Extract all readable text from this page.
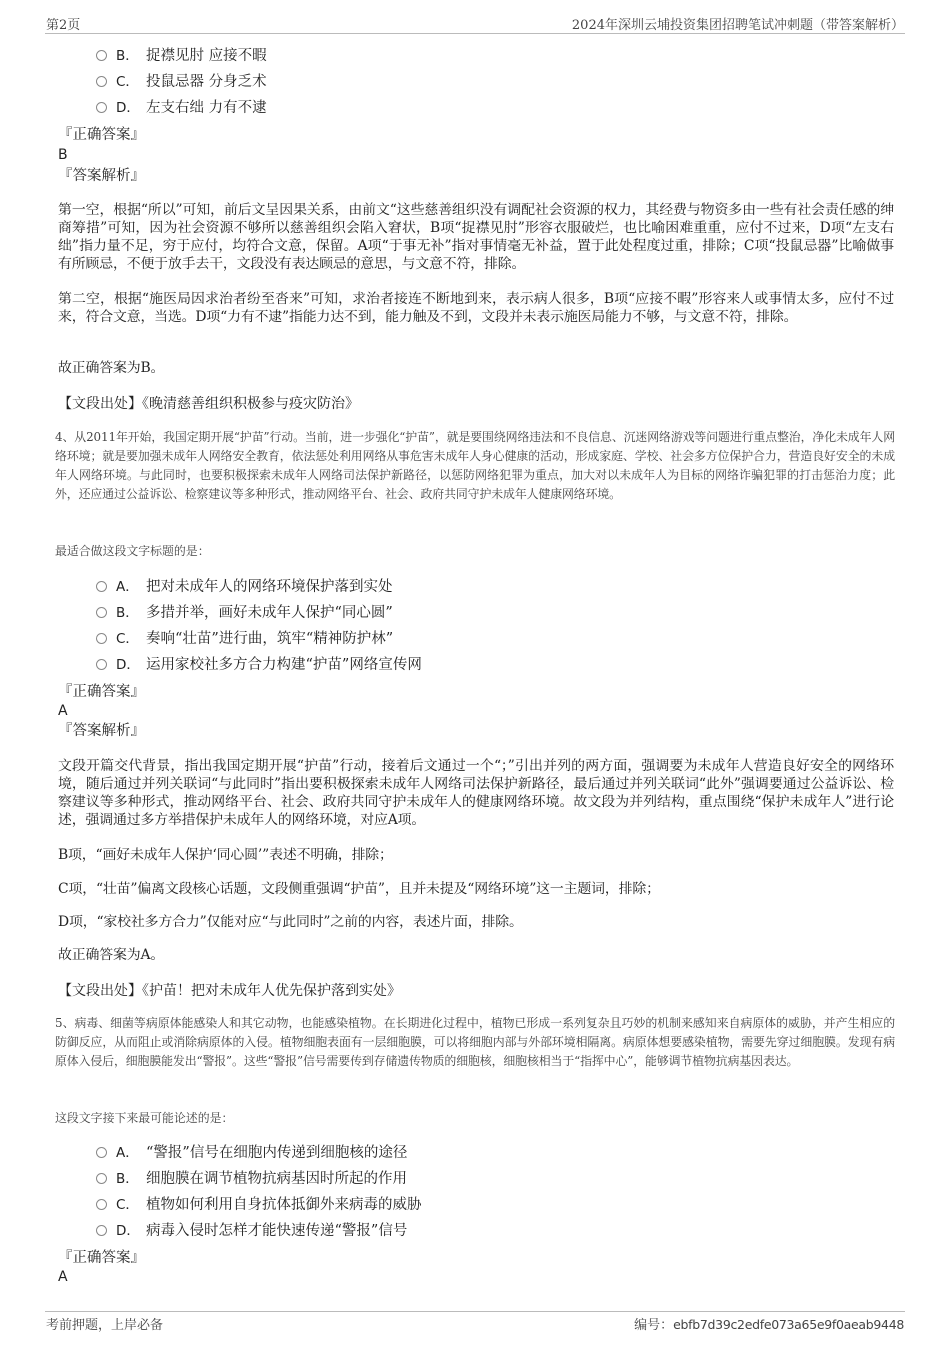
第2页	2024年深圳云埔投资集团招聘笔试冲刺题（带答案解析）
B． 捉襟见肘 应接不暇
C． 投鼠忌器 分身乏术
D． 左支右绌 力有不逮
『正确答案』
B
『答案解析』
第一空，根据“所以”可知，前后文呈因果关系，由前文“这些慈善组织没有调配社会资源的权力，其经费与物资多由一些有社会责任感的绅商筹措”可知，因为社会资源不够所以慈善组织会陷入窘状，B项“捉襟见肘”形容衣服破烂，也比喻困难重重，应付不过来，D项“左支右绌”指力量不足，穷于应付，均符合文意，保留。A项“于事无补”指对事情毫无补益，置于此处程度过重，排除；C项“投鼠忌器”比喻做事有所顾忌，不便于放手去干，文段没有表达顾忌的意思，与文意不符，排除。
第二空，根据“施医局因求治者纷至沓来”可知，求治者接连不断地到来，表示病人很多，B项“应接不暇”形容来人或事情太多，应付不过来，符合文意，当选。D项“力有不逮”指能力达不到，能力触及不到，文段并未表示施医局能力不够，与文意不符，排除。
故正确答案为B。
【文段出处】《晚清慈善组织积极参与疫灾防治》
4、从2011年开始，我国定期开展“护苗”行动。当前，进一步强化“护苗”，就是要围绕网络违法和不良信息、沉迷网络游戏等问题进行重点整治，净化未成年人网络环境；就是要加强未成年人网络安全教育，依法惩处利用网络从事危害未成年人身心健康的活动，形成家庭、学校、社会多方位保护合力，营造良好安全的未成年人网络环境。与此同时，也要积极探索未成年人网络司法保护新路径，以惩防网络犯罪为重点，加大对以未成年人为目标的网络诈骗犯罪的打击惩治力度；此外，还应通过公益诉讼、检察建议等多种形式，推动网络平台、社会、政府共同守护未成年人健康网络环境。
最适合做这段文字标题的是：
A． 把对未成年人的网络环境保护落到实处
B． 多措并举，画好未成年人保护“同心圆”
C． 奏响“壮苗”进行曲，筑牢“精神防护林”
D． 运用家校社多方合力构建“护苗”网络宣传网
『正确答案』
A
『答案解析』
文段开篇交代背景，指出我国定期开展“护苗”行动，接着后文通过一个“；”引出并列的两方面，强调要为未成年人营造良好安全的网络环境，随后通过并列关联词“与此同时”指出要积极探索未成年人网络司法保护新路径，最后通过并列关联词“此外”强调要通过公益诉讼、检察建议等多种形式，推动网络平台、社会、政府共同守护未成年人的健康网络环境。故文段为并列结构，重点围绕“保护未成年人”进行论述，强调通过多方举措保护未成年人的网络环境，对应A项。
B项，“画好未成年人保护‘同心圆’”表述不明确，排除；
C项，“壮苗”偏离文段核心话题，文段侧重强调“护苗”，且并未提及“网络环境”这一主题词，排除；
D项，“家校社多方合力”仅能对应“与此同时”之前的内容，表述片面，排除。
故正确答案为A。
【文段出处】《护苗！把对未成年人优先保护落到实处》
5、病毒、细菌等病原体能感染人和其它动物，也能感染植物。在长期进化过程中，植物已形成一系列复杂且巧妙的机制来感知来自病原体的威胁，并产生相应的防御反应，从而阻止或消除病原体的入侵。植物细胞表面有一层细胞膜，可以将细胞内部与外部环境相隔离。病原体想要感染植物，需要先穿过细胞膜。发现有病原体入侵后，细胞膜能发出“警报”。这些“警报”信号需要传到存储遗传物质的细胞核，细胞核相当于“指挥中心”，能够调节植物抗病基因表达。
这段文字接下来最可能论述的是：
A． “警报”信号在细胞内传递到细胞核的途径
B． 细胞膜在调节植物抗病基因时所起的作用
C． 植物如何利用自身抗体抵御外来病毒的威胁
D． 病毒入侵时怎样才能快速传递“警报”信号
『正确答案』
A
考前押题，上岸必备	编号：ebfb7d39c2edfe073a65e9f0aeab9448
